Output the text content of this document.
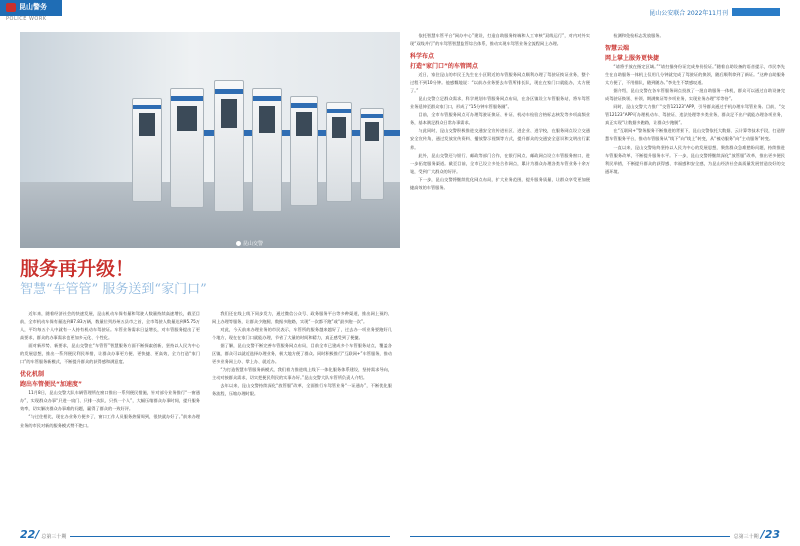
昆山警务
POLICE WORK
昆山公安联合 2022年11月刊
昆山交警
服务再升级！
智慧“车管管” 服务送到“家门口”

近年来，随着经济社会的快速发展，昆山机动车保有量和驾驶人数量持续高速增长，截至目前，全市机动车保有量达到87.83万辆，数量位列苏州五县市之首，全市驾驶人数量达到95.75万人，平均每五个人中就有一人持有机动车驾驶证。车管业务需求日益增长，对车管服务提出了更高要求，群众的办事需求也更加多元化、个性化。

面对新形势、新要求，昆山交警在“车管管”智慧服务方面不断探索创新，坚持以人民为中心的发展思想，推出一系列便民利民举措，让群众办事更方便、更快捷、更高效，全力打造“家门口”的车管服务新模式，不断提升群众的获得感和满意度。

优化机制

跑出车管便民“加速度”

11月8日，昆山交警大队车辆管理所在窗口推出一系列便民措施，针对部分业务推行“一窗通办”，实现群众办事“只进一扇门、只排一次队、只找一个人”，大幅压缩群众办事时间，提升服务效率，切实解决群众办事难的问题，赢得了群众的一致好评。

“与过往相比，现在办业务方便多了，窗口工作人员服务热情周到，很快就办好了。”前来办理业务的市民对新的服务模式赞不绝口。

我们还在线上线下同步发力，通过微信公众号、政务服务平台等多种渠道，推出网上预约、网上办理等服务，让群众少跑腿、数据多跑路，实现“一次都不跑”或“最多跑一次”。

对此，今天前来办理业务的市民表示，车管所的服务越来越好了，过去办一项业务要跑好几个地方，现在在家门口就能办理，节省了大量的时间和精力，真正感受到了便捷。

据了解，昆山交警不断完善车管服务网点布局，目前全市已建成多个车管服务站点，覆盖各区镇，群众可以就近选择办理业务，极大地方便了群众。同时积极推行“互联网+”车管服务，推动更多业务网上办、掌上办、就近办。

“为打造智慧车管服务新模式，我们着力推进线上线下一体化服务体系建设，坚持需求导向，主动对接群众需求，切实把便民利民的实事办好。”昆山交警大队车管所负责人介绍。

去年以来，昆山交警持续深化“放管服”改革，全面推行车驾管业务“一证通办”，不断优化服务流程，压缩办理时限。

依托智慧车管平台“网办中心”建设，打造自助服务终端和人工审核“双线运行”，对内对外实现“双线并行”的车驾管智慧监管综合体系，推动实现车驾管业务全流程网上办理。

科学布点

打造“家门口”的车管网点

近日，家住昆山的市民王先生在小区附近的车管服务网点顺利办理了驾驶证换证业务，整个过程不到10分钟。他感慨地说：“以前办业务要去车管所排长队，现在在家门口就能办，太方便了。”

昆山交警立足群众需求，科学规划车管服务网点布局，在各区镇设立车管服务站，将车驾管业务延伸至群众家门口，形成了“15分钟车管服务圈”。

目前，全市车管服务网点可办理驾驶证换证、补证、机动车检验合格标志核发等多项高频业务，基本满足群众日常办事需求。

与此同时，昆山交警积极推进交通安全宣传进社区、进企业、进学校，在服务网点设立交通安全宣传角，通过发放宣传资料、播放警示视频等方式，提升群众的交通安全意识和文明出行素养。

此外，昆山交警还与银行、邮政等部门合作，在银行网点、邮政网点设立车管服务窗口，进一步拓宽服务渠道。截至目前，全市已设立多处合作网点，累计为群众办理各类车管业务十余万笔，受到广大群众的好评。

下一步，昆山交警将继续优化网点布局，扩大业务范围，提升服务质量，让群众享受更加便捷高效的车管服务。

检测和免检标志发放服务。

智慧云端

网上掌上服务更快捷

“请将手放在指定区域。”“请扫描身份证完成身份验证。”随着自助设备的语音提示，市民李先生在自助服务一体机上仅用几分钟就完成了驾驶证的换领，随后顺利拿到了新证。“这种自助服务太方便了，不用排队，随到随办。”李先生不禁感叹道。

据介绍，昆山交警在各车管服务网点投放了一批自助服务一体机，群众可以通过自助设备完成驾驶证换领、补领、期满换证等多项业务，实现业务办理“零等待”。

同时，昆山交警大力推广“交管12123”APP，引导群众通过手机办理车驾管业务。目前，“交管12123”APP可办理机动车、驾驶证、违法处理等多类业务，群众足不出户就能办理各项业务，真正实现“让数据多跑路，让群众少跑腿”。

在“互联网+”警务服务不断推进的背景下，昆山交警依托大数据、云计算等技术手段，打造智慧车管服务平台，推动车管服务从“线下”向“线上”转变，从“被动服务”向“主动服务”转变。

一直以来，昆山交警始终坚持以人民为中心的发展思想，聚焦群众急难愁盼问题，持续推进车管服务改革，不断提升服务水平。下一步，昆山交警将继续深化“放管服”改革，推出更多便民利民举措，不断提升群众的获得感、幸福感和安全感，为昆山经济社会高质量发展营造良好的交通环境。

22/ 总第三十期	总第三十期 /23
